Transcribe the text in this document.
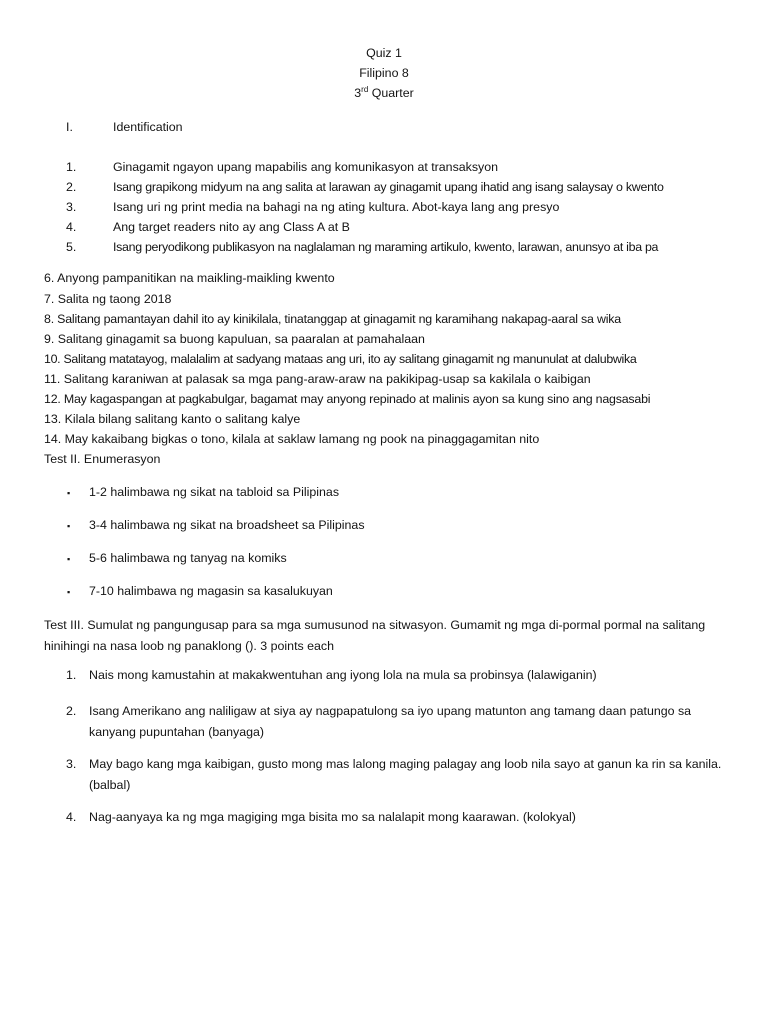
Quiz 1
Filipino 8
3rd Quarter
I.	Identification
1.	Ginagamit ngayon upang mapabilis ang komunikasyon at transaksyon
2.	Isang grapikong midyum na ang salita at larawan ay ginagamit upang ihatid ang isang salaysay o kwento
3.	Isang uri ng print media na bahagi na ng ating kultura. Abot-kaya lang ang presyo
4.	Ang target readers nito ay ang Class A at B
5.	Isang peryodikong publikasyon na naglalaman ng maraming artikulo, kwento, larawan, anunsyo at iba pa
6. Anyong pampanitikan na maikling-maikling kwento
7. Salita ng taong 2018
8. Salitang pamantayan dahil ito ay kinikilala, tinatanggap at ginagamit ng karamihang nakapag-aaral sa wika
9. Salitang ginagamit sa buong kapuluan, sa paaralan at pamahalaan
10. Salitang matatayog, malalalim at sadyang mataas ang uri, ito ay salitang ginagamit ng manunulat at dalubwika
11. Salitang karaniwan at palasak sa mga pang-araw-araw na pakikipag-usap sa kakilala o kaibigan
12. May kagaspangan at pagkabulgar, bagamat may anyong repinado at malinis ayon sa kung sino ang nagsasabi
13. Kilala bilang salitang kanto o salitang kalye
14. May kakaibang bigkas o tono, kilala at saklaw lamang ng pook na pinaggagamitan nito
Test II. Enumerasyon
▪ 1-2 halimbawa ng sikat na tabloid sa Pilipinas
▪ 3-4 halimbawa ng sikat na broadsheet sa Pilipinas
▪ 5-6 halimbawa ng tanyag na komiks
▪ 7-10 halimbawa ng magasin sa kasalukuyan
Test III. Sumulat ng pangungusap para sa mga sumusunod na sitwasyon. Gumamit ng mga di-pormal pormal na salitang hinihingi na nasa loob ng panaklong (). 3 points each
1. Nais mong kamustahin at makakwentuhan ang iyong lola na mula sa probinsya (lalawiganin)
2. Isang Amerikano ang naliligaw at siya ay nagpapatulong sa iyo upang matunton ang tamang daan patungo sa kanyang pupuntahan (banyaga)
3. May bago kang mga kaibigan, gusto mong mas lalong maging palagay ang loob nila sayo at ganun ka rin sa kanila. (balbal)
4. Nag-aanyaya ka ng mga magiging mga bisita mo sa nalalapit mong kaarawan. (kolokyal)
